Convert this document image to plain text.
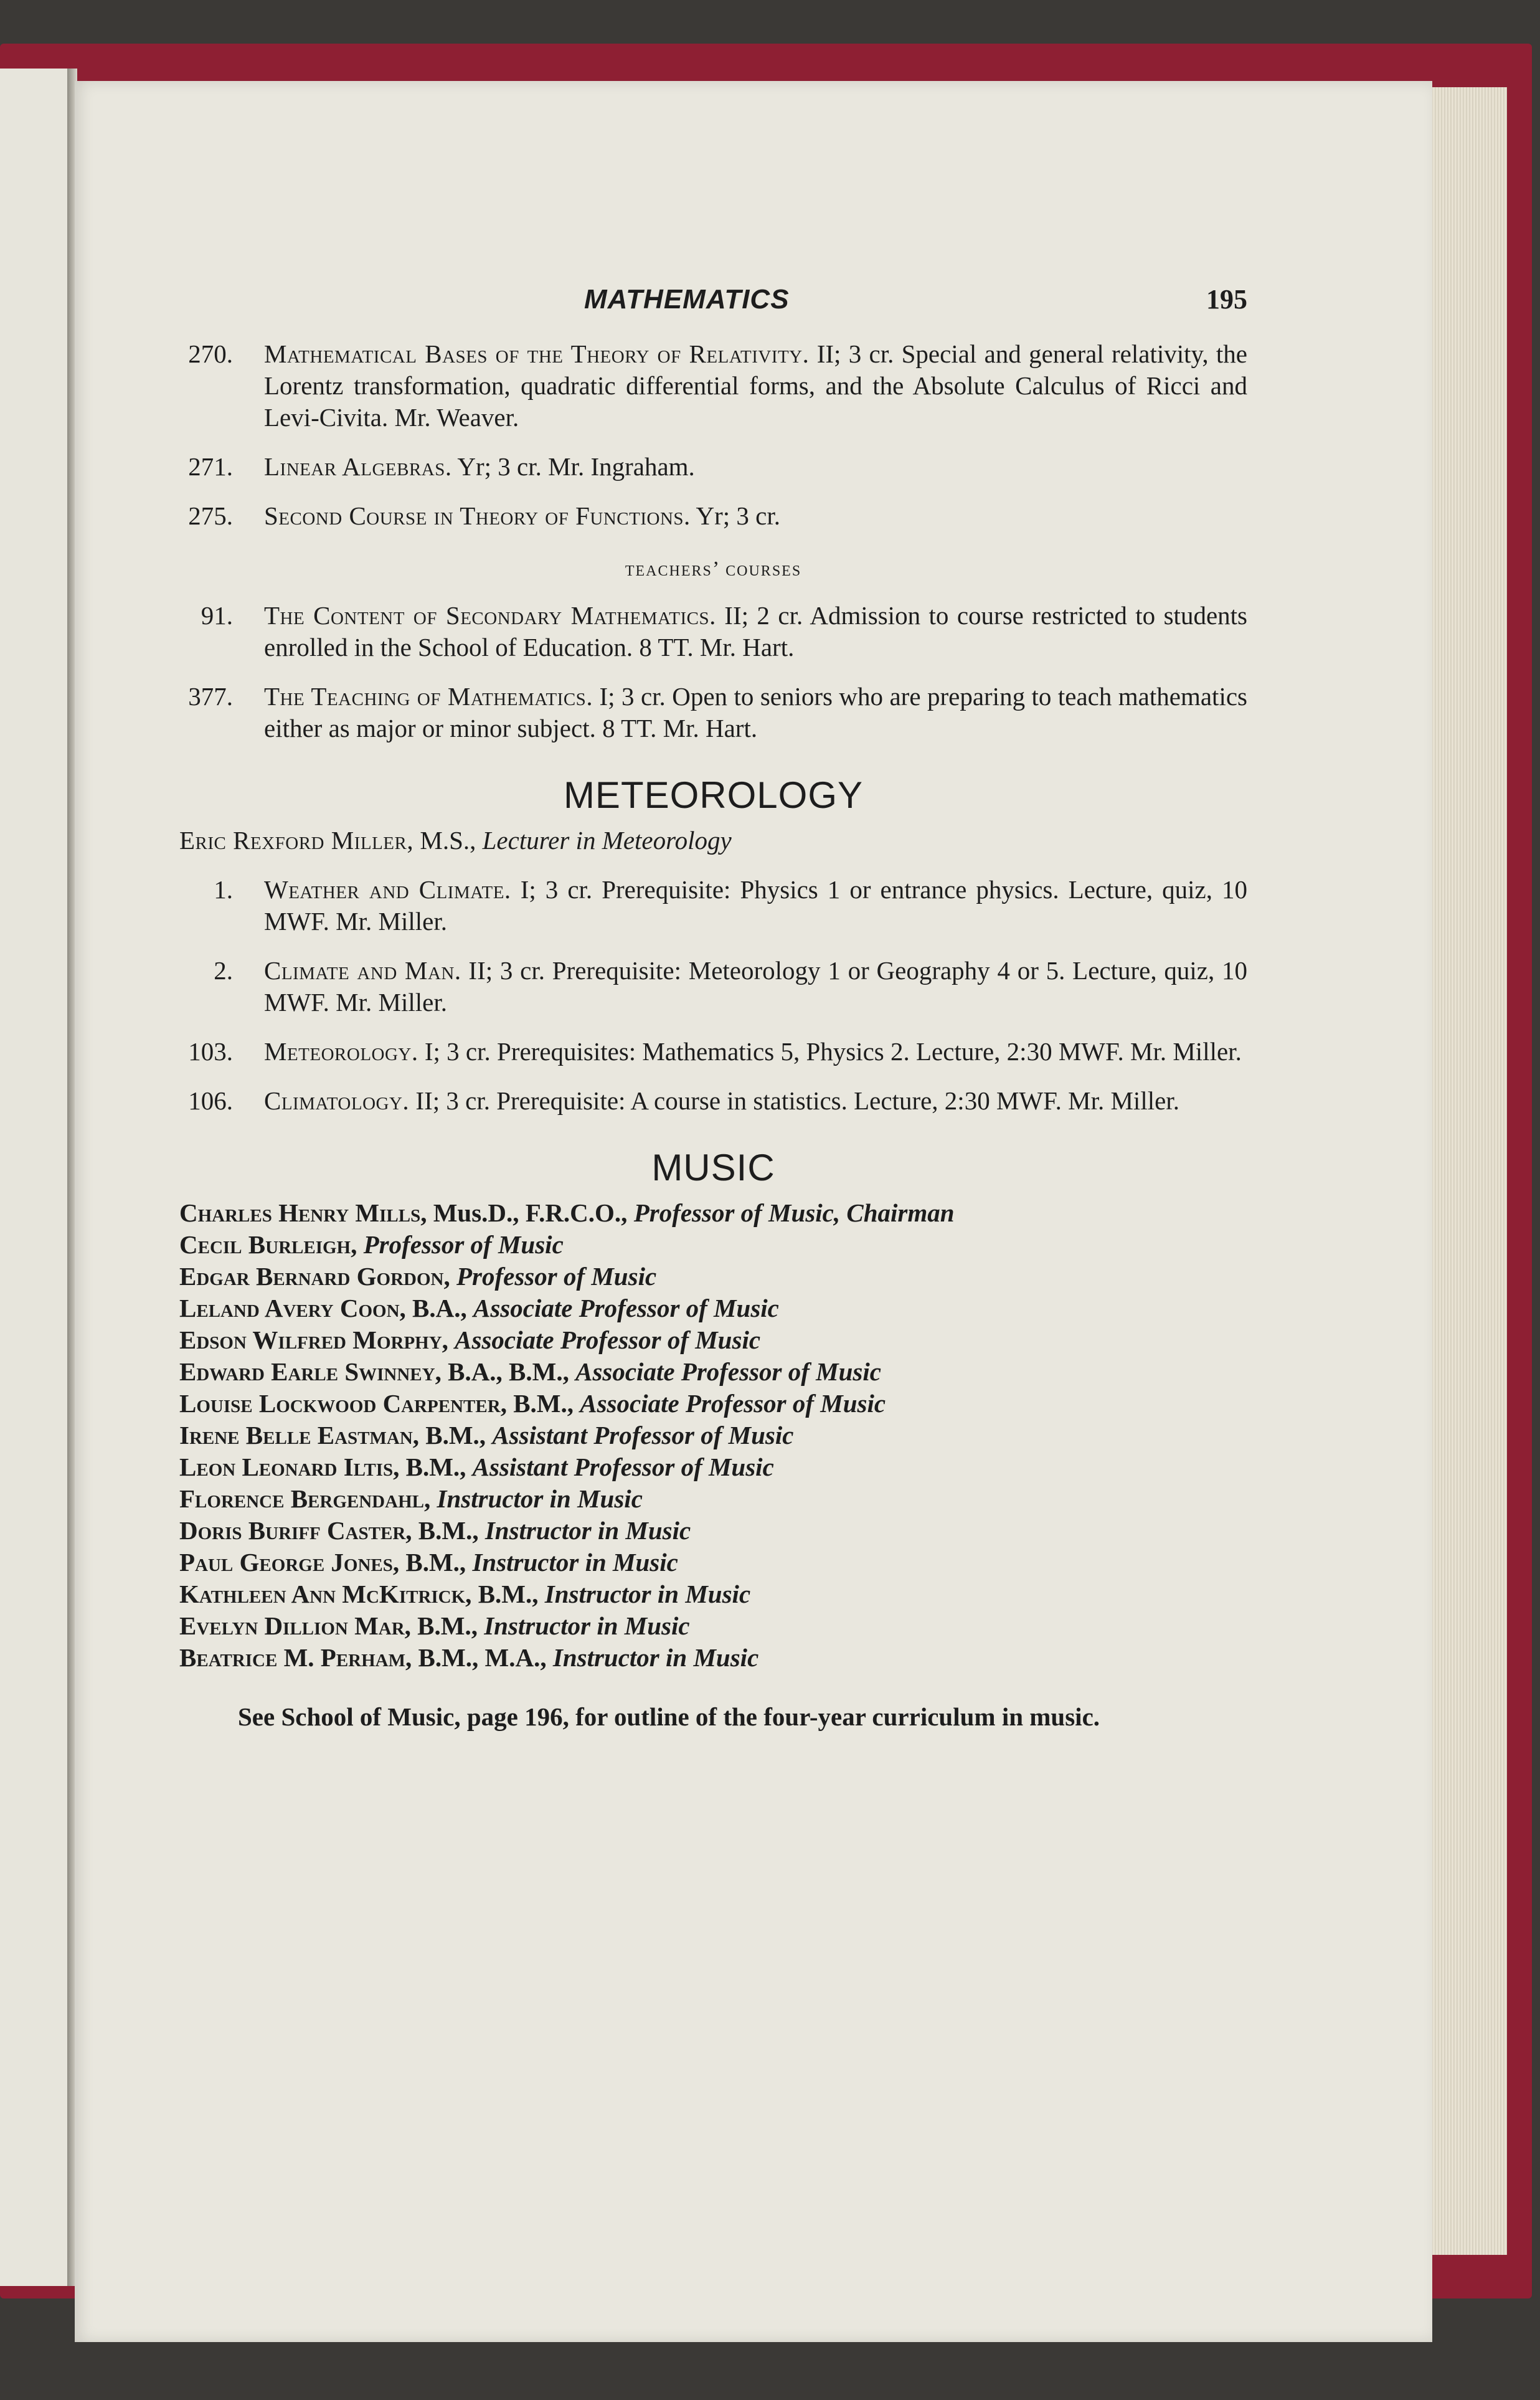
MATHEMATICS	195
270. Mathematical Bases of the Theory of Relativity. II; 3 cr. Special and general relativity, the Lorentz transformation, quadratic differential forms, and the Absolute Calculus of Ricci and Levi-Civita. Mr. Weaver.
271. Linear Algebras. Yr; 3 cr. Mr. Ingraham.
275. Second Course in Theory of Functions. Yr; 3 cr.
teachers’ courses
91. The Content of Secondary Mathematics. II; 2 cr. Admission to course restricted to students enrolled in the School of Education. 8 TT. Mr. Hart.
377. The Teaching of Mathematics. I; 3 cr. Open to seniors who are preparing to teach mathematics either as major or minor subject. 8 TT. Mr. Hart.
METEOROLOGY
Eric Rexford Miller, M.S., Lecturer in Meteorology
1. Weather and Climate. I; 3 cr. Prerequisite: Physics 1 or entrance physics. Lecture, quiz, 10 MWF. Mr. Miller.
2. Climate and Man. II; 3 cr. Prerequisite: Meteorology 1 or Geography 4 or 5. Lecture, quiz, 10 MWF. Mr. Miller.
103. Meteorology. I; 3 cr. Prerequisites: Mathematics 5, Physics 2. Lecture, 2:30 MWF. Mr. Miller.
106. Climatology. II; 3 cr. Prerequisite: A course in statistics. Lecture, 2:30 MWF. Mr. Miller.
MUSIC
Charles Henry Mills, Mus.D., F.R.C.O., Professor of Music, Chairman
Cecil Burleigh, Professor of Music
Edgar Bernard Gordon, Professor of Music
Leland Avery Coon, B.A., Associate Professor of Music
Edson Wilfred Morphy, Associate Professor of Music
Edward Earle Swinney, B.A., B.M., Associate Professor of Music
Louise Lockwood Carpenter, B.M., Associate Professor of Music
Irene Belle Eastman, B.M., Assistant Professor of Music
Leon Leonard Iltis, B.M., Assistant Professor of Music
Florence Bergendahl, Instructor in Music
Doris Buriff Caster, B.M., Instructor in Music
Paul George Jones, B.M., Instructor in Music
Kathleen Ann McKitrick, B.M., Instructor in Music
Evelyn Dillion Mar, B.M., Instructor in Music
Beatrice M. Perham, B.M., M.A., Instructor in Music
See School of Music, page 196, for outline of the four-year curriculum in music.
